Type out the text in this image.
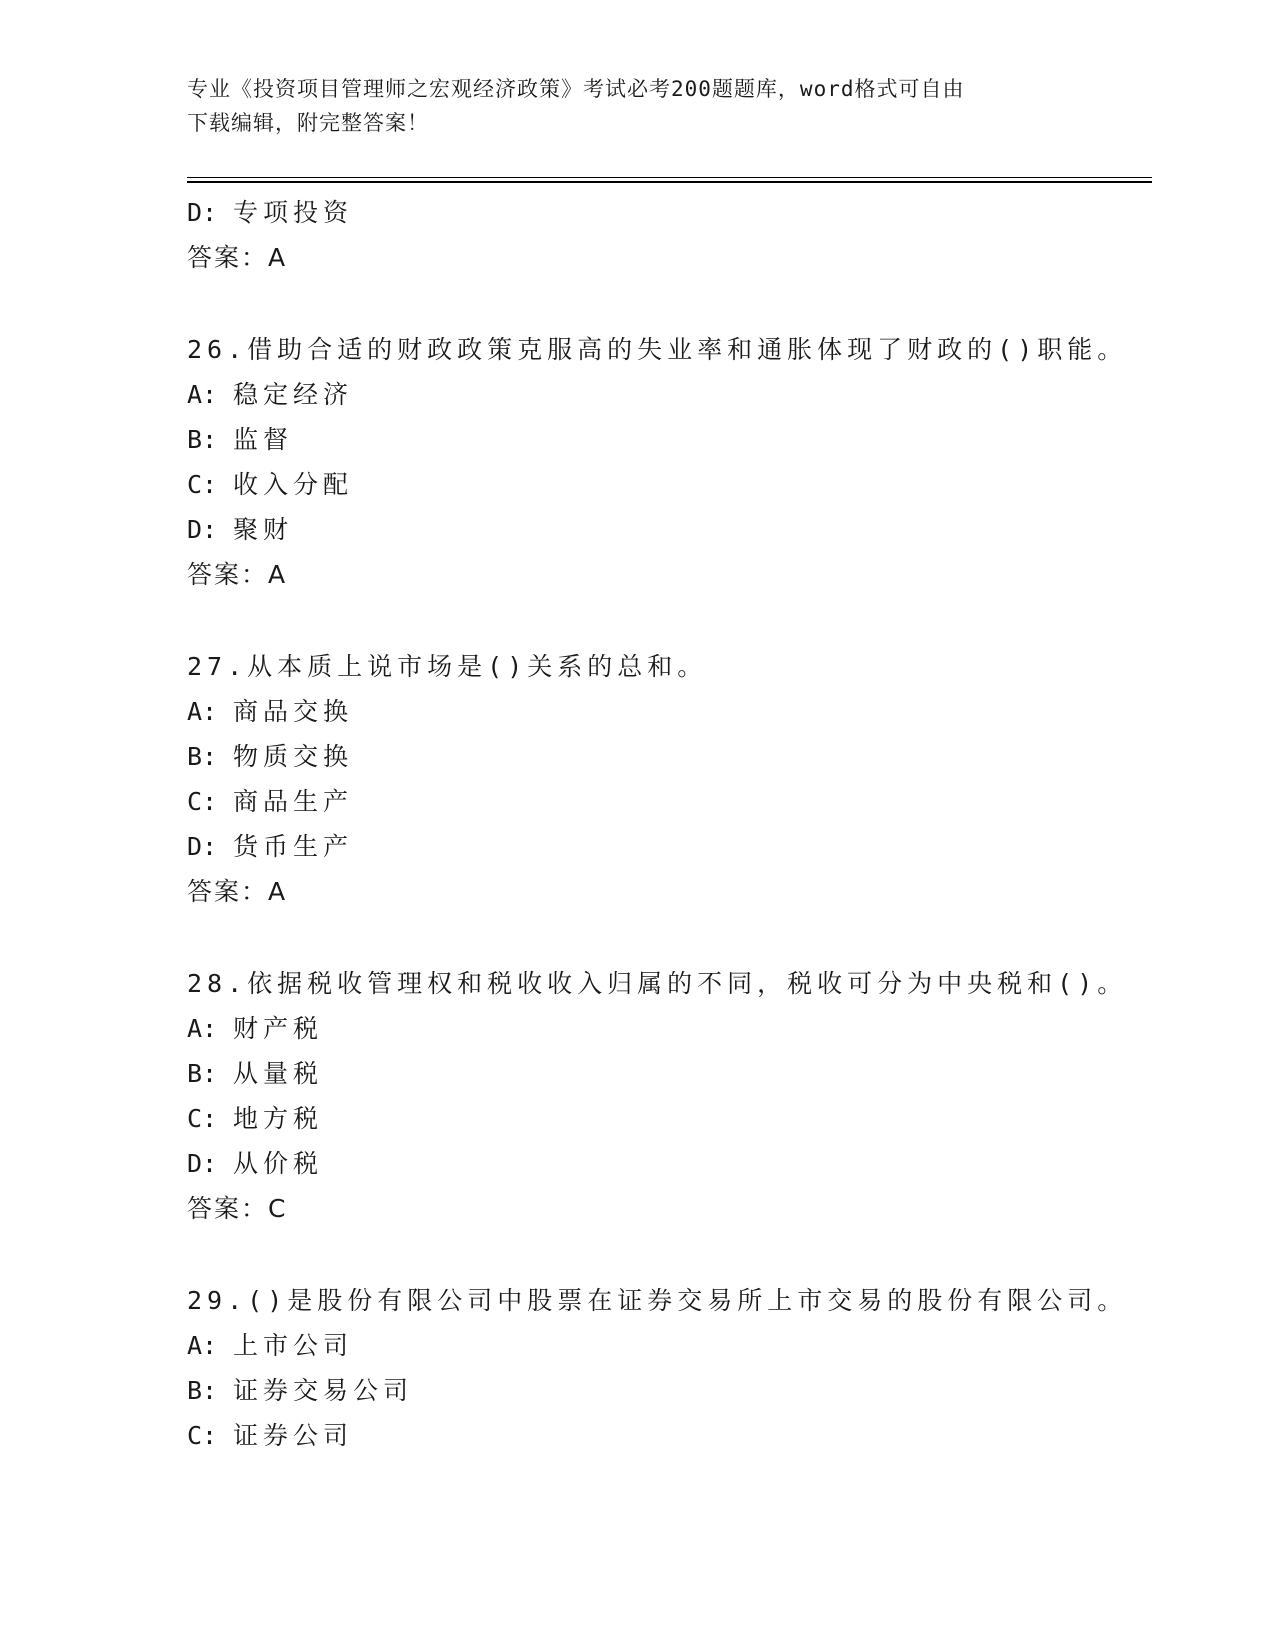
专业《投资项目管理师之宏观经济政策》考试必考200题题库，word格式可自由
下载编辑，附完整答案！
D: 专项投资
答案：A
26.借助合适的财政政策克服高的失业率和通胀体现了财政的()职能。
A: 稳定经济
B: 监督
C: 收入分配
D: 聚财
答案：A
27.从本质上说市场是()关系的总和。
A: 商品交换
B: 物质交换
C: 商品生产
D: 货币生产
答案：A
28.依据税收管理权和税收收入归属的不同，税收可分为中央税和()。
A: 财产税
B: 从量税
C: 地方税
D: 从价税
答案：C
29.()是股份有限公司中股票在证券交易所上市交易的股份有限公司。
A: 上市公司
B: 证券交易公司
C: 证券公司
